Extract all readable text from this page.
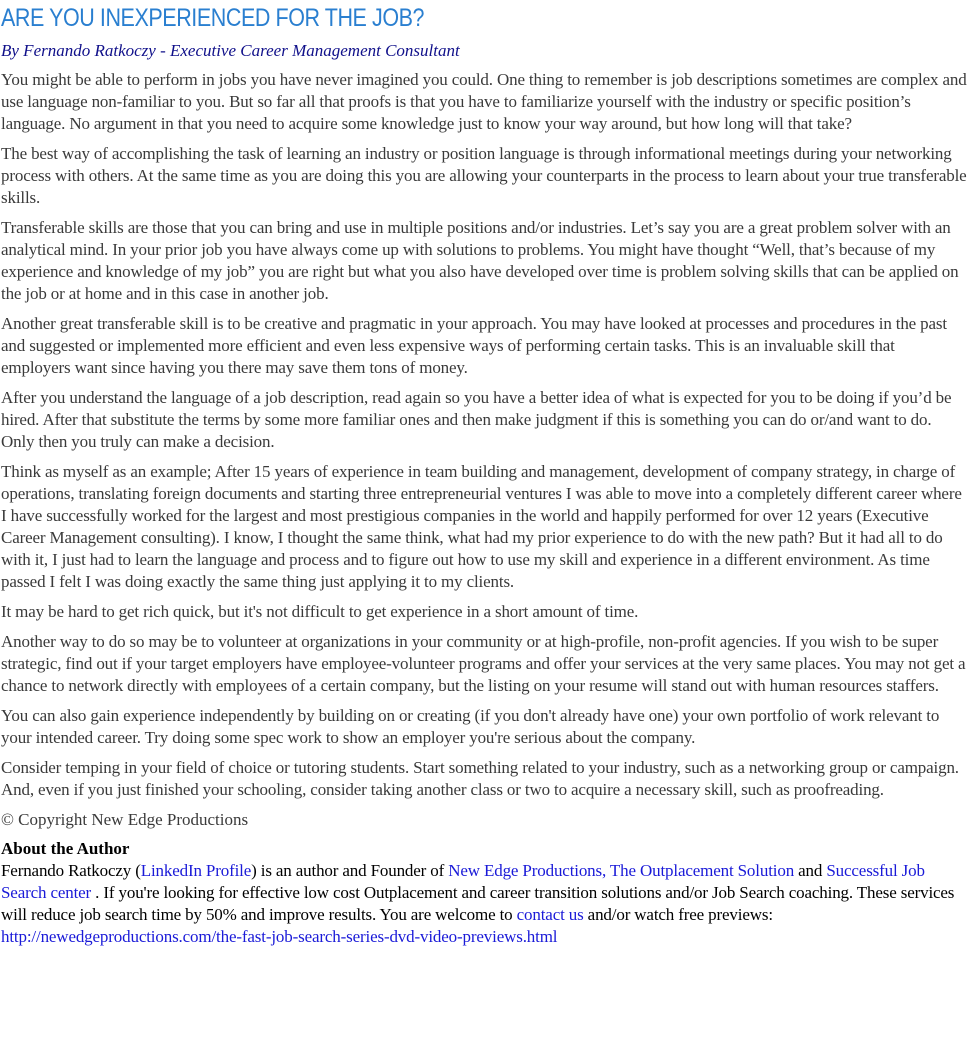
ARE YOU INEXPERIENCED FOR THE JOB?
By Fernando Ratkoczy - Executive Career Management Consultant

You might be able to perform in jobs you have never imagined you could. One thing to remember is job descriptions sometimes are complex and use language non-familiar to you. But so far all that proofs is that you have to familiarize yourself with the industry or specific position’s language. No argument in that you need to acquire some knowledge just to know your way around, but how long will that take?

The best way of accomplishing the task of learning an industry or position language is through informational meetings during your networking process with others. At the same time as you are doing this you are allowing your counterparts in the process to learn about your true transferable skills.

Transferable skills are those that you can bring and use in multiple positions and/or industries. Let’s say you are a great problem solver with an analytical mind. In your prior job you have always come up with solutions to problems. You might have thought “Well, that’s because of my experience and knowledge of my job” you are right but what you also have developed over time is problem solving skills that can be applied on the job or at home and in this case in another job.

Another great transferable skill is to be creative and pragmatic in your approach. You may have looked at processes and procedures in the past and suggested or implemented more efficient and even less expensive ways of performing certain tasks. This is an invaluable skill that employers want since having you there may save them tons of money.

After you understand the language of a job description, read again so you have a better idea of what is expected for you to be doing if you’d be hired. After that substitute the terms by some more familiar ones and then make judgment if this is something you can do or/and want to do. Only then you truly can make a decision.

Think as myself as an example; After 15 years of experience in team building and management, development of company strategy, in charge of operations, translating foreign documents and starting three entrepreneurial ventures I was able to move into a completely different career where I have successfully worked for the largest and most prestigious companies in the world and happily performed for over 12 years (Executive Career Management consulting). I know, I thought the same think, what had my prior experience to do with the new path? But it had all to do with it, I just had to learn the language and process and to figure out how to use my skill and experience in a different environment. As time passed I felt I was doing exactly the same thing just applying it to my clients.

It may be hard to get rich quick, but it's not difficult to get experience in a short amount of time.

Another way to do so may be to volunteer at organizations in your community or at high-profile, non-profit agencies. If you wish to be super strategic, find out if your target employers have employee-volunteer programs and offer your services at the very same places. You may not get a chance to network directly with employees of a certain company, but the listing on your resume will stand out with human resources staffers.

You can also gain experience independently by building on or creating (if you don't already have one) your own portfolio of work relevant to your intended career. Try doing some spec work to show an employer you're serious about the company.

Consider temping in your field of choice or tutoring students. Start something related to your industry, such as a networking group or campaign. And, even if you just finished your schooling, consider taking another class or two to acquire a necessary skill, such as proofreading.

© Copyright New Edge Productions
About the Author
Fernando Ratkoczy (LinkedIn Profile) is an author and Founder of New Edge Productions, The Outplacement Solution and Successful Job Search center . If you're looking for effective low cost Outplacement and career transition solutions and/or Job Search coaching. These services will reduce job search time by 50% and improve results. You are welcome to contact us and/or watch free previews: http://newedgeproductions.com/the-fast-job-search-series-dvd-video-previews.html
